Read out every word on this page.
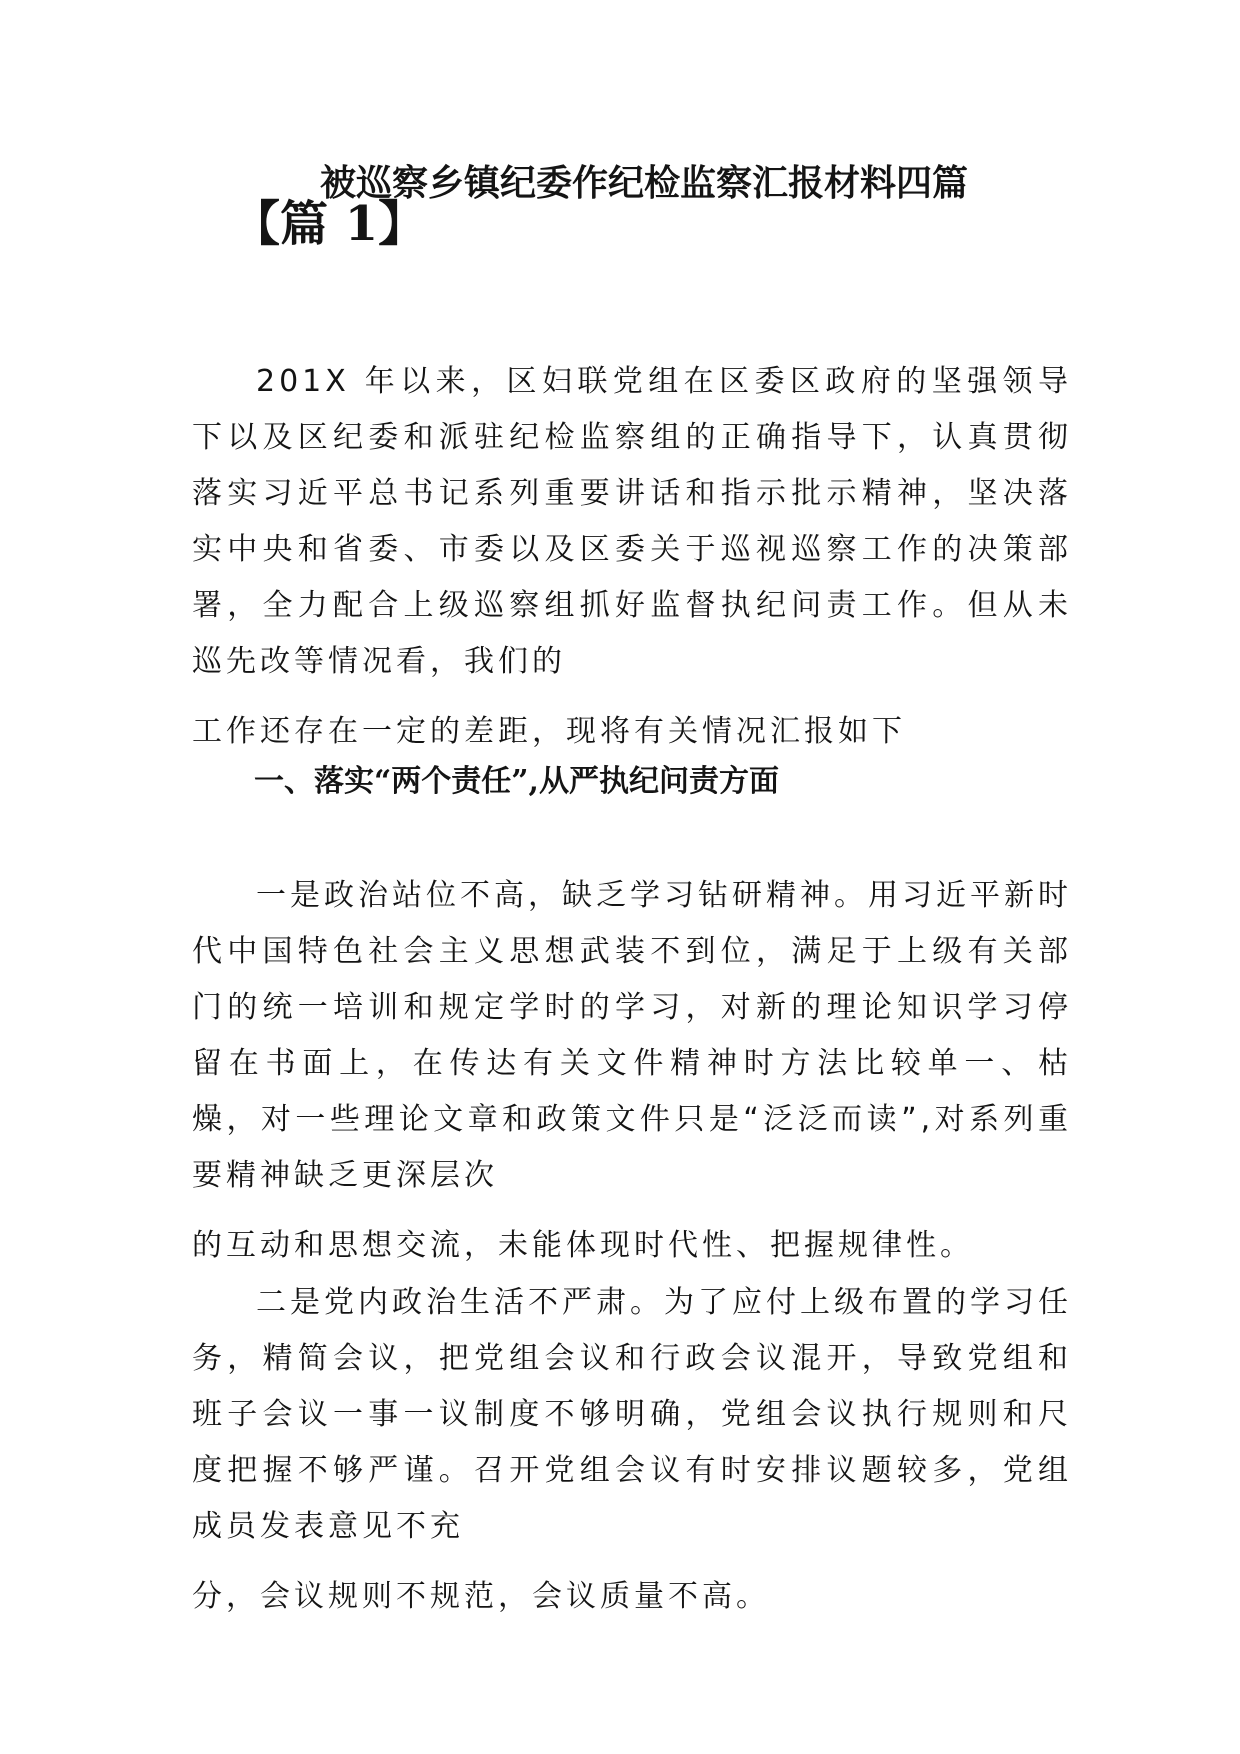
被巡察乡镇纪委作纪检监察汇报材料四篇
【篇 1】

201X 年以来，区妇联党组在区委区政府的坚强领导下以及区纪委和派驻纪检监察组的正确指导下，认真贯彻落实习近平总书记系列重要讲话和指示批示精神，坚决落实中央和省委、市委以及区委关于巡视巡察工作的决策部署，全力配合上级巡察组抓好监督执纪问责工作。但从未巡先改等情况看，我们的
工作还存在一定的差距，现将有关情况汇报如下

一、落实“两个责任”,从严执纪问责方面

一是政治站位不高，缺乏学习钻研精神。用习近平新时代中国特色社会主义思想武装不到位，满足于上级有关部门的统一培训和规定学时的学习，对新的理论知识学习停留在书面上，在传达有关文件精神时方法比较单一、枯燥，对一些理论文章和政策文件只是“泛泛而读”,对系列重要精神缺乏更深层次
的互动和思想交流，未能体现时代性、把握规律性。

二是党内政治生活不严肃。为了应付上级布置的学习任务，精简会议，把党组会议和行政会议混开，导致党组和班子会议一事一议制度不够明确，党组会议执行规则和尺度把握不够严谨。召开党组会议有时安排议题较多，党组成员发表意见不充
分，会议规则不规范，会议质量不高。
